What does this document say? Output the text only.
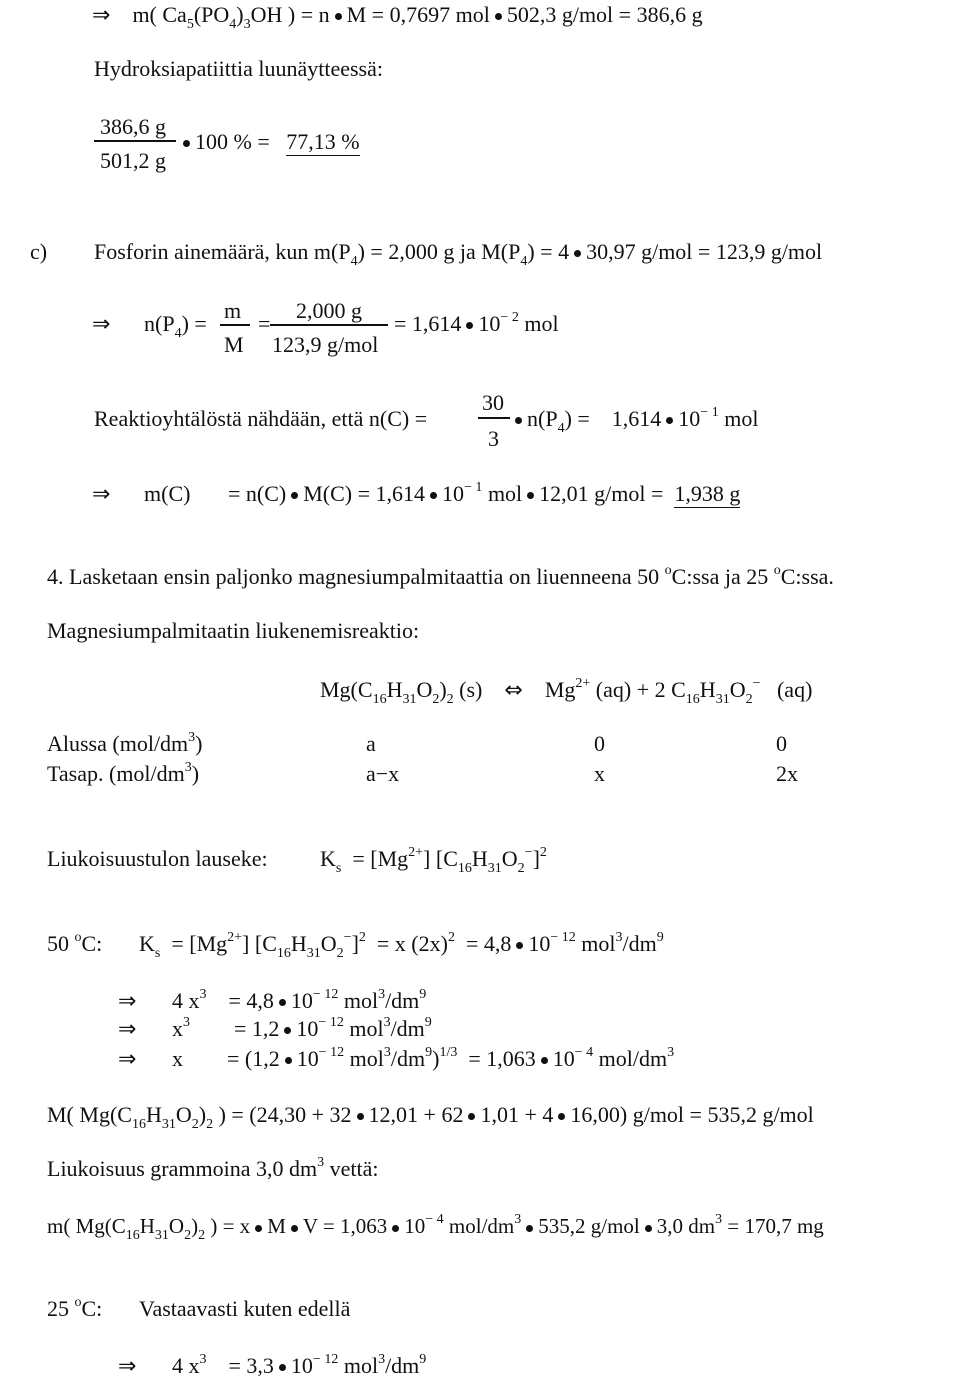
⇒ m( $Ca_5(PO_4)_3OH$ ) = n M = 0,7697 mol 502,3 g/mol = 386,6 g
Hydroksiapatiittia luunäytteessä:
386,6 g
501,2 g
100 % = 77,13 %
c) Fosforin ainemäärä, kun $m(P_4) = 2,000$ g ja $M(P_4) = 4$ 30,97 g/mol = 123,9 g/mol
⇒ $n(P_4)$ =
m
M
=
2,000 g
123,9 g/mol
= 1,614 $10^{- 2}$ mol
Reaktioyhtälöstä nähdään, että n(C) =
30
3
$n(P_4) = 1,614$ $10^{- 1}$ mol
⇒ m(C) = n(C) M(C) = 1,614 $10^{- 1}$ mol 12,01 g/mol = 1,938 g
4. Lasketaan ensin paljonko magnesiumpalmitaattia on liuenneena 50 $^o$C:ssa ja 25 $^o$C:ssa.
Magnesiumpalmitaatin liukenemisreaktio:
$Mg(C_{16}H_{31}O_2)_2$ (s) ⇔ $Mg^{2+}$ (aq) + 2 $C_{16}H_{31}O_2^-$ (aq)
Alussa $(mol/dm^3)$	a	0	0
Tasap. $(mol/dm^3)$	a−x	x	2x
Liukoisuustulon lauseke: $K_s = [Mg^{2+}]$ $[C_{16}H_{31}O_2^-]^2$
50 $^o$C: $K_s = [Mg^{2+}] [C_{16}H_{31}O_2^-]^2 = x$ $(2x)^2 = 4,8$ $10^{- 12}$ $mol^3/dm^9$
⇒ 4 $x^3 = 4,8$ $10^{- 12}$ $mol^3/dm^9$
⇒ $x^3 = 1,2$ $10^{- 12}$ $mol^3/dm^9$
⇒ x = (1,2 $10^{- 12}$ $mol^3/dm^9)^{1/3} = 1,063$ $10^{- 4}$ mol/$dm^3$
M( $Mg(C_{16}H_{31}O_2)_2$ ) = (24,30 + 32 12,01 + 62 1,01 + 4 16,00) g/mol = 535,2 g/mol
Liukoisuus grammoina 3,0 $dm^3$ vettä:
m( $Mg(C_{16}H_{31}O_2)_2$ ) = x M V = 1,063 $10^{- 4}$ mol/$dm^3$ 535,2 g/mol 3,0 $dm^3 = 170,7$ mg
25 $^o$C: Vastaavasti kuten edellä
⇒ 4 $x^3 = 3,3$ $10^{- 12}$ $mol^3/dm^9$
